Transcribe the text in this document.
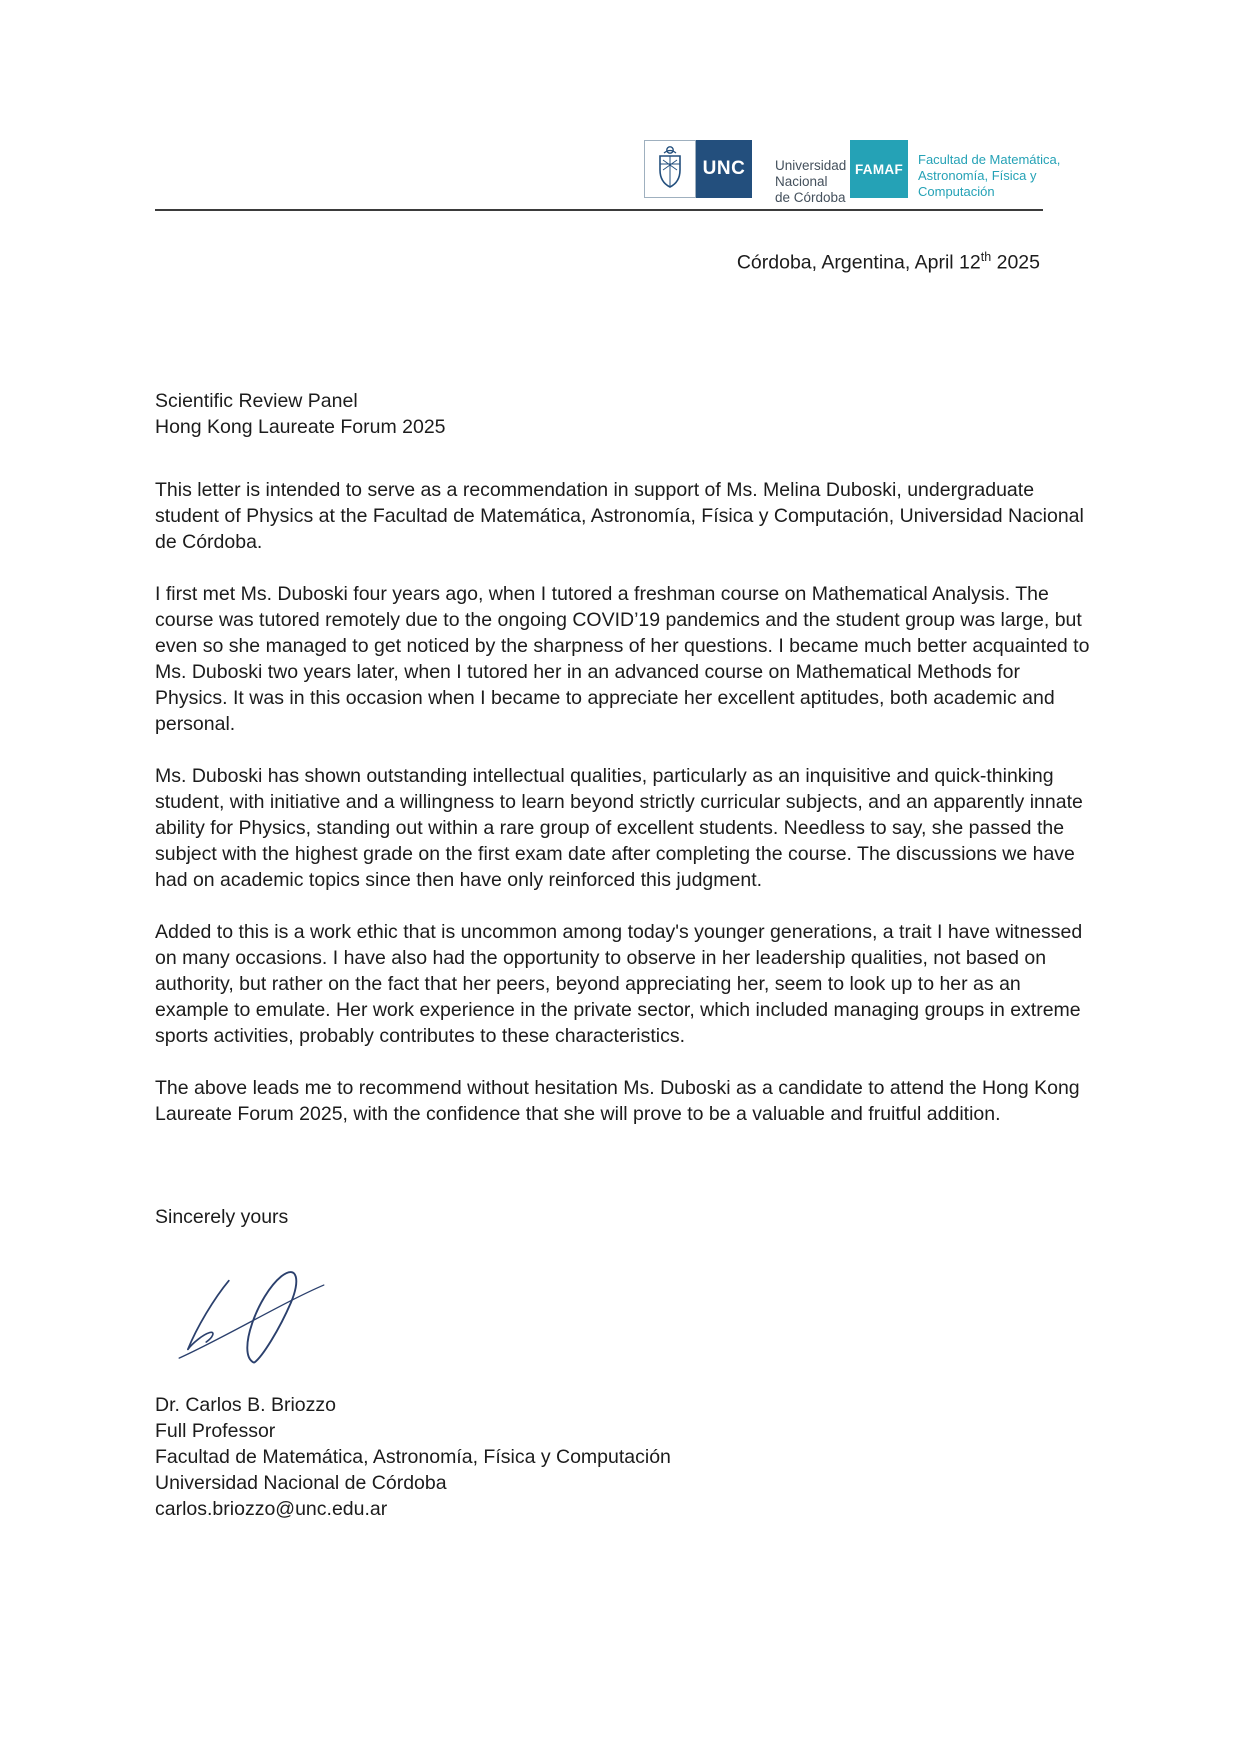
UNC	Universidad
Nacional
de Córdoba
FAMAF
Facultad de Matemática,
Astronomía, Física y
Computación
Córdoba, Argentina, April 12th 2025
Scientific Review Panel
Hong Kong Laureate Forum 2025

This letter is intended to serve as a recommendation in support of Ms. Melina Duboski, undergraduate student of Physics at the Facultad de Matemática, Astronomía, Física y Computación, Universidad Nacional de Córdoba.

I first met Ms. Duboski four years ago, when I tutored a freshman course on Mathematical Analysis. The course was tutored remotely due to the ongoing COVID’19 pandemics and the student group was large, but even so she managed to get noticed by the sharpness of her questions. I became much better acquainted to Ms. Duboski two years later, when I tutored her in an advanced course on Mathematical Methods for Physics. It was in this occasion when I became to appreciate her excellent aptitudes, both academic and personal.

Ms. Duboski has shown outstanding intellectual qualities, particularly as an inquisitive and quick-thinking student, with initiative and a willingness to learn beyond strictly curricular subjects, and an apparently innate ability for Physics, standing out within a rare group of excellent students. Needless to say, she passed the subject with the highest grade on the first exam date after completing the course. The discussions we have had on academic topics since then have only reinforced this judgment.

Added to this is a work ethic that is uncommon among today's younger generations, a trait I have witnessed on many occasions. I have also had the opportunity to observe in her leadership qualities, not based on authority, but rather on the fact that her peers, beyond appreciating her, seem to look up to her as an example to emulate. Her work experience in the private sector, which included managing groups in extreme sports activities, probably contributes to these characteristics.

The above leads me to recommend without hesitation Ms. Duboski as a candidate to attend the Hong Kong Laureate Forum 2025, with the confidence that she will prove to be a valuable and fruitful addition.

Sincerely yours
Dr. Carlos B. Briozzo
Full Professor
Facultad de Matemática, Astronomía, Física y Computación
Universidad Nacional de Córdoba
carlos.briozzo@unc.edu.ar
